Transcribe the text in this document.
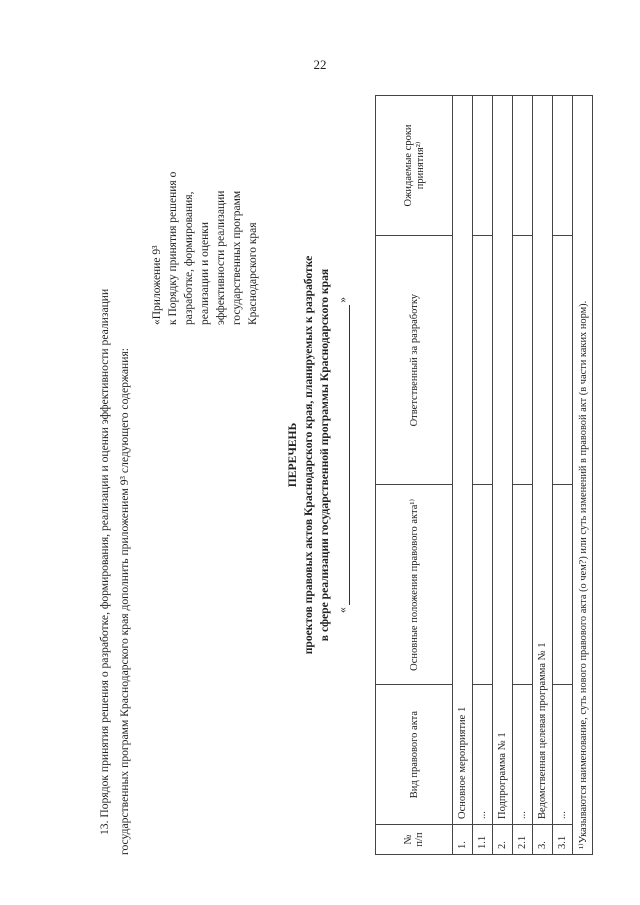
22

13. Порядок принятия решения о разработке, формирования, реализации и оценки эффективности реализации государственных программ Краснодарского края дополнить приложением 9³ следующего содержания:
«Приложение 9³ к Порядку принятия решения о разработке, формирования, реализации и оценки эффективности реализации государственных программ Краснодарского края
ПЕРЕЧЕНЬ проектов правовых актов Краснодарского края, планируемых к разработке в сфере реализации государственной программы Краснодарского края «
»
№ п/п	Вид правового акта	Основные положения правового акта¹⁾	Ответственный за разработку	Ожидаемые сроки принятия²⁾
1.	Основное мероприятие 1			
1.1	...			
2.	Подпрограмма № 1			
2.1	...			
3.	Ведомственная целевая программа № 1			
3.1	...			
¹⁾Указываются наименование, суть нового правового акта (о чем?) или суть изменений в правовой акт (в части каких норм).				
